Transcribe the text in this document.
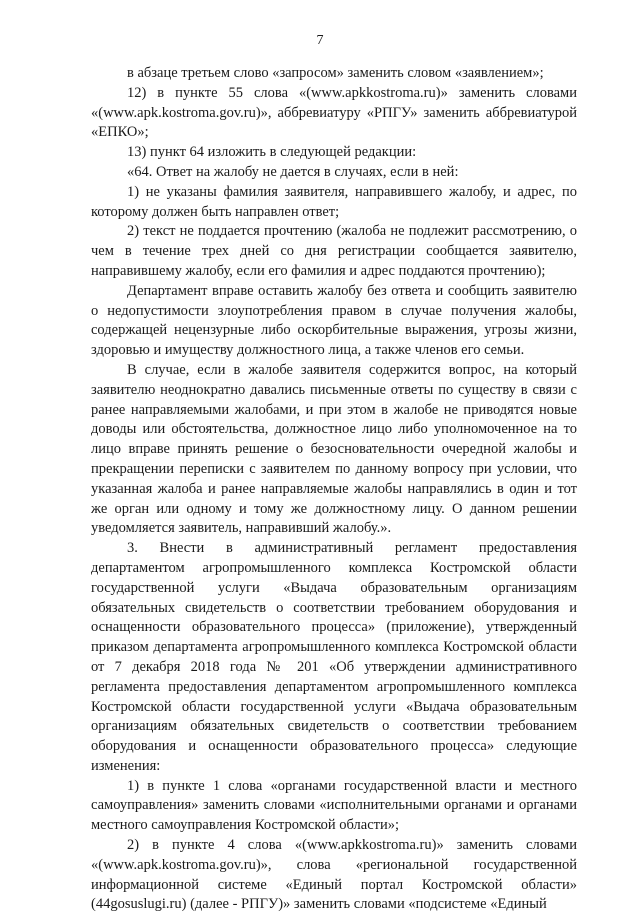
7

в абзаце третьем слово «запросом» заменить словом «заявлением»;

12) в пункте 55 слова «(www.apkkostroma.ru)» заменить словами «(www.apk.kostroma.gov.ru)», аббревиатуру «РПГУ» заменить аббревиатурой «ЕПКО»;

13) пункт 64 изложить в следующей редакции:

«64. Ответ на жалобу не дается в случаях, если в ней:

1) не указаны фамилия заявителя, направившего жалобу, и адрес, по которому должен быть направлен ответ;

2) текст не поддается прочтению (жалоба не подлежит рассмотрению, о чем в течение трех дней со дня регистрации сообщается заявителю, направившему жалобу, если его фамилия и адрес поддаются прочтению);

Департамент вправе оставить жалобу без ответа и сообщить заявителю о недопустимости злоупотребления правом в случае получения жалобы, содержащей нецензурные либо оскорбительные выражения, угрозы жизни, здоровью и имуществу должностного лица, а также членов его семьи.

В случае, если в жалобе заявителя содержится вопрос, на который заявителю неоднократно давались письменные ответы по существу в связи с ранее направляемыми жалобами, и при этом в жалобе не приводятся новые доводы или обстоятельства, должностное лицо либо уполномоченное на то лицо вправе принять решение о безосновательности очередной жалобы и прекращении переписки с заявителем по данному вопросу при условии, что указанная жалоба и ранее направляемые жалобы направлялись в один и тот же орган или одному и тому же должностному лицу. О данном решении уведомляется заявитель, направивший жалобу.».

3. Внести в административный регламент предоставления департаментом агропромышленного комплекса Костромской области государственной услуги «Выдача образовательным организациям обязательных свидетельств о соответствии требованием оборудования и оснащенности образовательного процесса» (приложение), утвержденный приказом департамента агропромышленного комплекса Костромской области от 7 декабря 2018 года № 201 «Об утверждении административного регламента предоставления департаментом агропромышленного комплекса Костромской области государственной услуги «Выдача образовательным организациям обязательных свидетельств о соответствии требованием оборудования и оснащенности образовательного процесса» следующие изменения:

1) в пункте 1 слова «органами государственной власти и местного самоуправления» заменить словами «исполнительными органами и органами местного самоуправления Костромской области»;

2) в пункте 4 слова «(www.apkkostroma.ru)» заменить словами «(www.apk.kostroma.gov.ru)», слова «региональной государственной информационной системе «Единый портал Костромской области» (44gosuslugi.ru) (далее - РПГУ)» заменить словами «подсистеме «Единый
